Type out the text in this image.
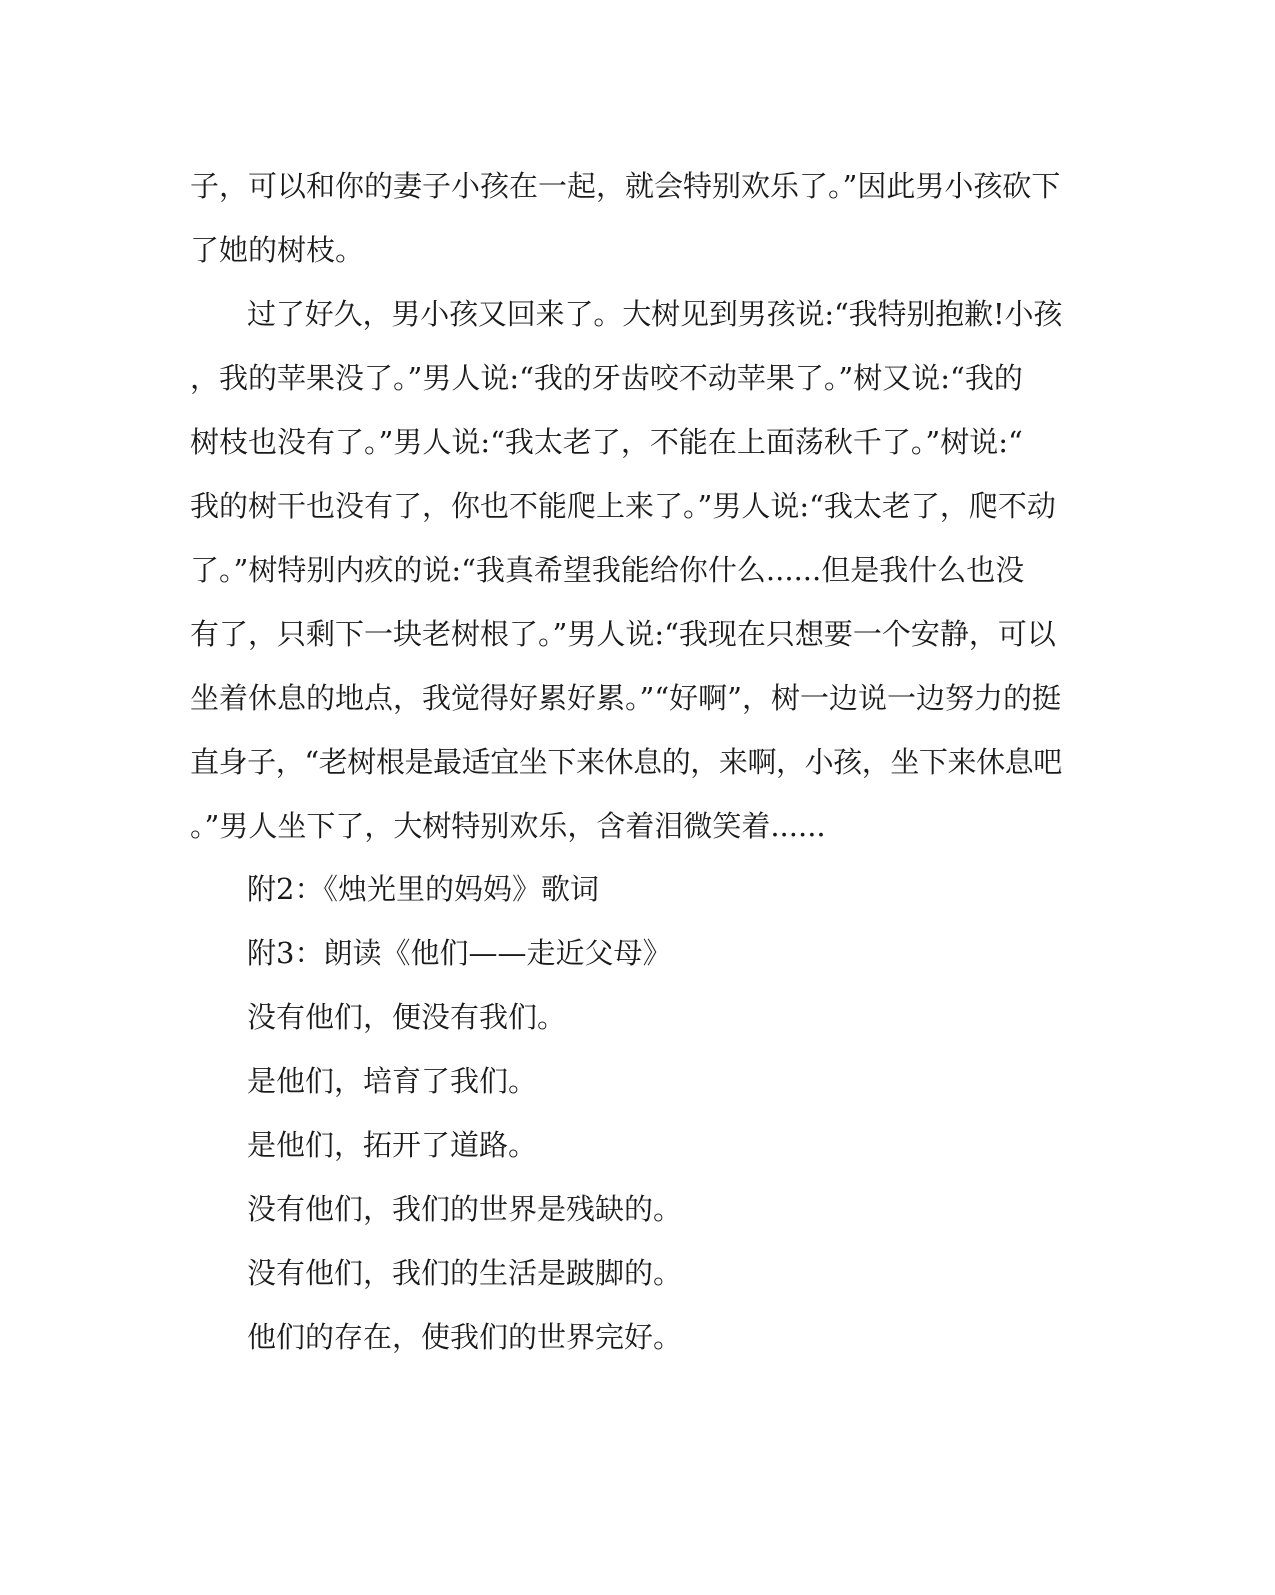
子，可以和你的妻子小孩在一起，就会特别欢乐了。”因此男小孩砍下
了她的树枝。
过了好久，男小孩又回来了。大树见到男孩说:“我特别抱歉!小孩
，我的苹果没了。”男人说:“我的牙齿咬不动苹果了。”树又说:“我的
树枝也没有了。”男人说:“我太老了，不能在上面荡秋千了。”树说:“
我的树干也没有了，你也不能爬上来了。”男人说:“我太老了，爬不动
了。”树特别内疚的说:“我真希望我能给你什么......但是我什么也没
有了，只剩下一块老树根了。”男人说:“我现在只想要一个安静，可以
坐着休息的地点，我觉得好累好累。”“好啊”，树一边说一边努力的挺
直身子，“老树根是最适宜坐下来休息的，来啊，小孩，坐下来休息吧
。”男人坐下了，大树特别欢乐，含着泪微笑着......
附2：《烛光里的妈妈》歌词
附3：朗读《他们——走近父母》
没有他们，便没有我们。
是他们，培育了我们。
是他们，拓开了道路。
没有他们，我们的世界是残缺的。
没有他们，我们的生活是跛脚的。
他们的存在，使我们的世界完好。
